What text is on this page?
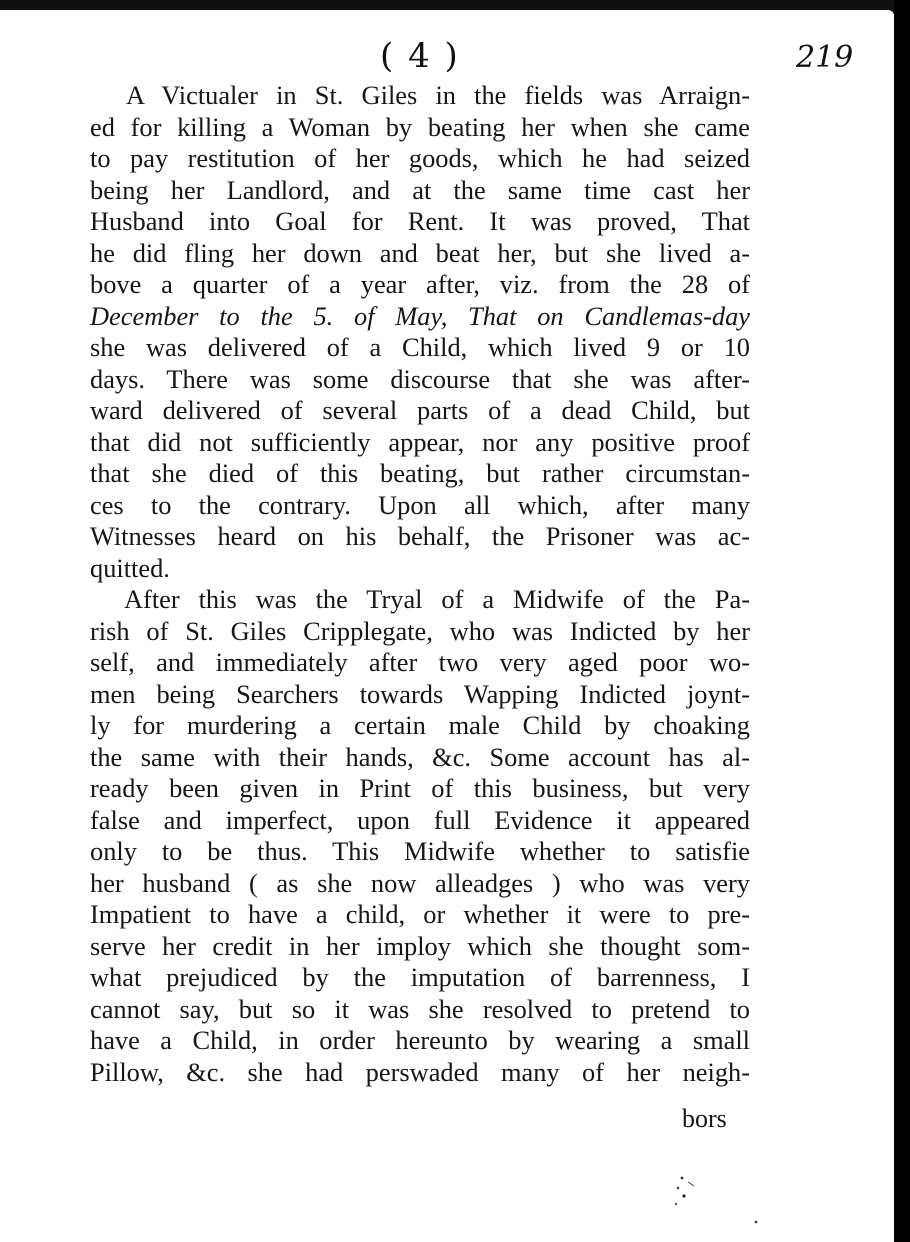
( 4 )	219
A Victualer in St. Giles in the fields was Arraign-
ed for killing a Woman by beating her when she came
to pay restitution of her goods, which he had seized
being her Landlord, and at the same time cast her
Husband into Goal for Rent. It was proved, That
he did fling her down and beat her, but she lived a-
bove a quarter of a year after, viz. from the 28 of
December to the 5. of May, That on Candlemas-day
she was delivered of a Child, which lived 9 or 10
days. There was some discourse that she was after-
ward delivered of several parts of a dead Child, but
that did not sufficiently appear, nor any positive proof
that she died of this beating, but rather circumstan-
ces to the contrary. Upon all which, after many
Witnesses heard on his behalf, the Prisoner was ac-
quitted.
After this was the Tryal of a Midwife of the Pa-
rish of St. Giles Cripplegate, who was Indicted by her
self, and immediately after two very aged poor wo-
men being Searchers towards Wapping Indicted joynt-
ly for murdering a certain male Child by choaking
the same with their hands, &c. Some account has al-
ready been given in Print of this business, but very
false and imperfect, upon full Evidence it appeared
only to be thus. This Midwife whether to satisfie
her husband ( as she now alleadges ) who was very
Impatient to have a child, or whether it were to pre-
serve her credit in her imploy which she thought som-
what prejudiced by the imputation of barrenness, I
cannot say, but so it was she resolved to pretend to
have a Child, in order hereunto by wearing a small
Pillow, &c. she had perswaded many of her neigh-
bors
